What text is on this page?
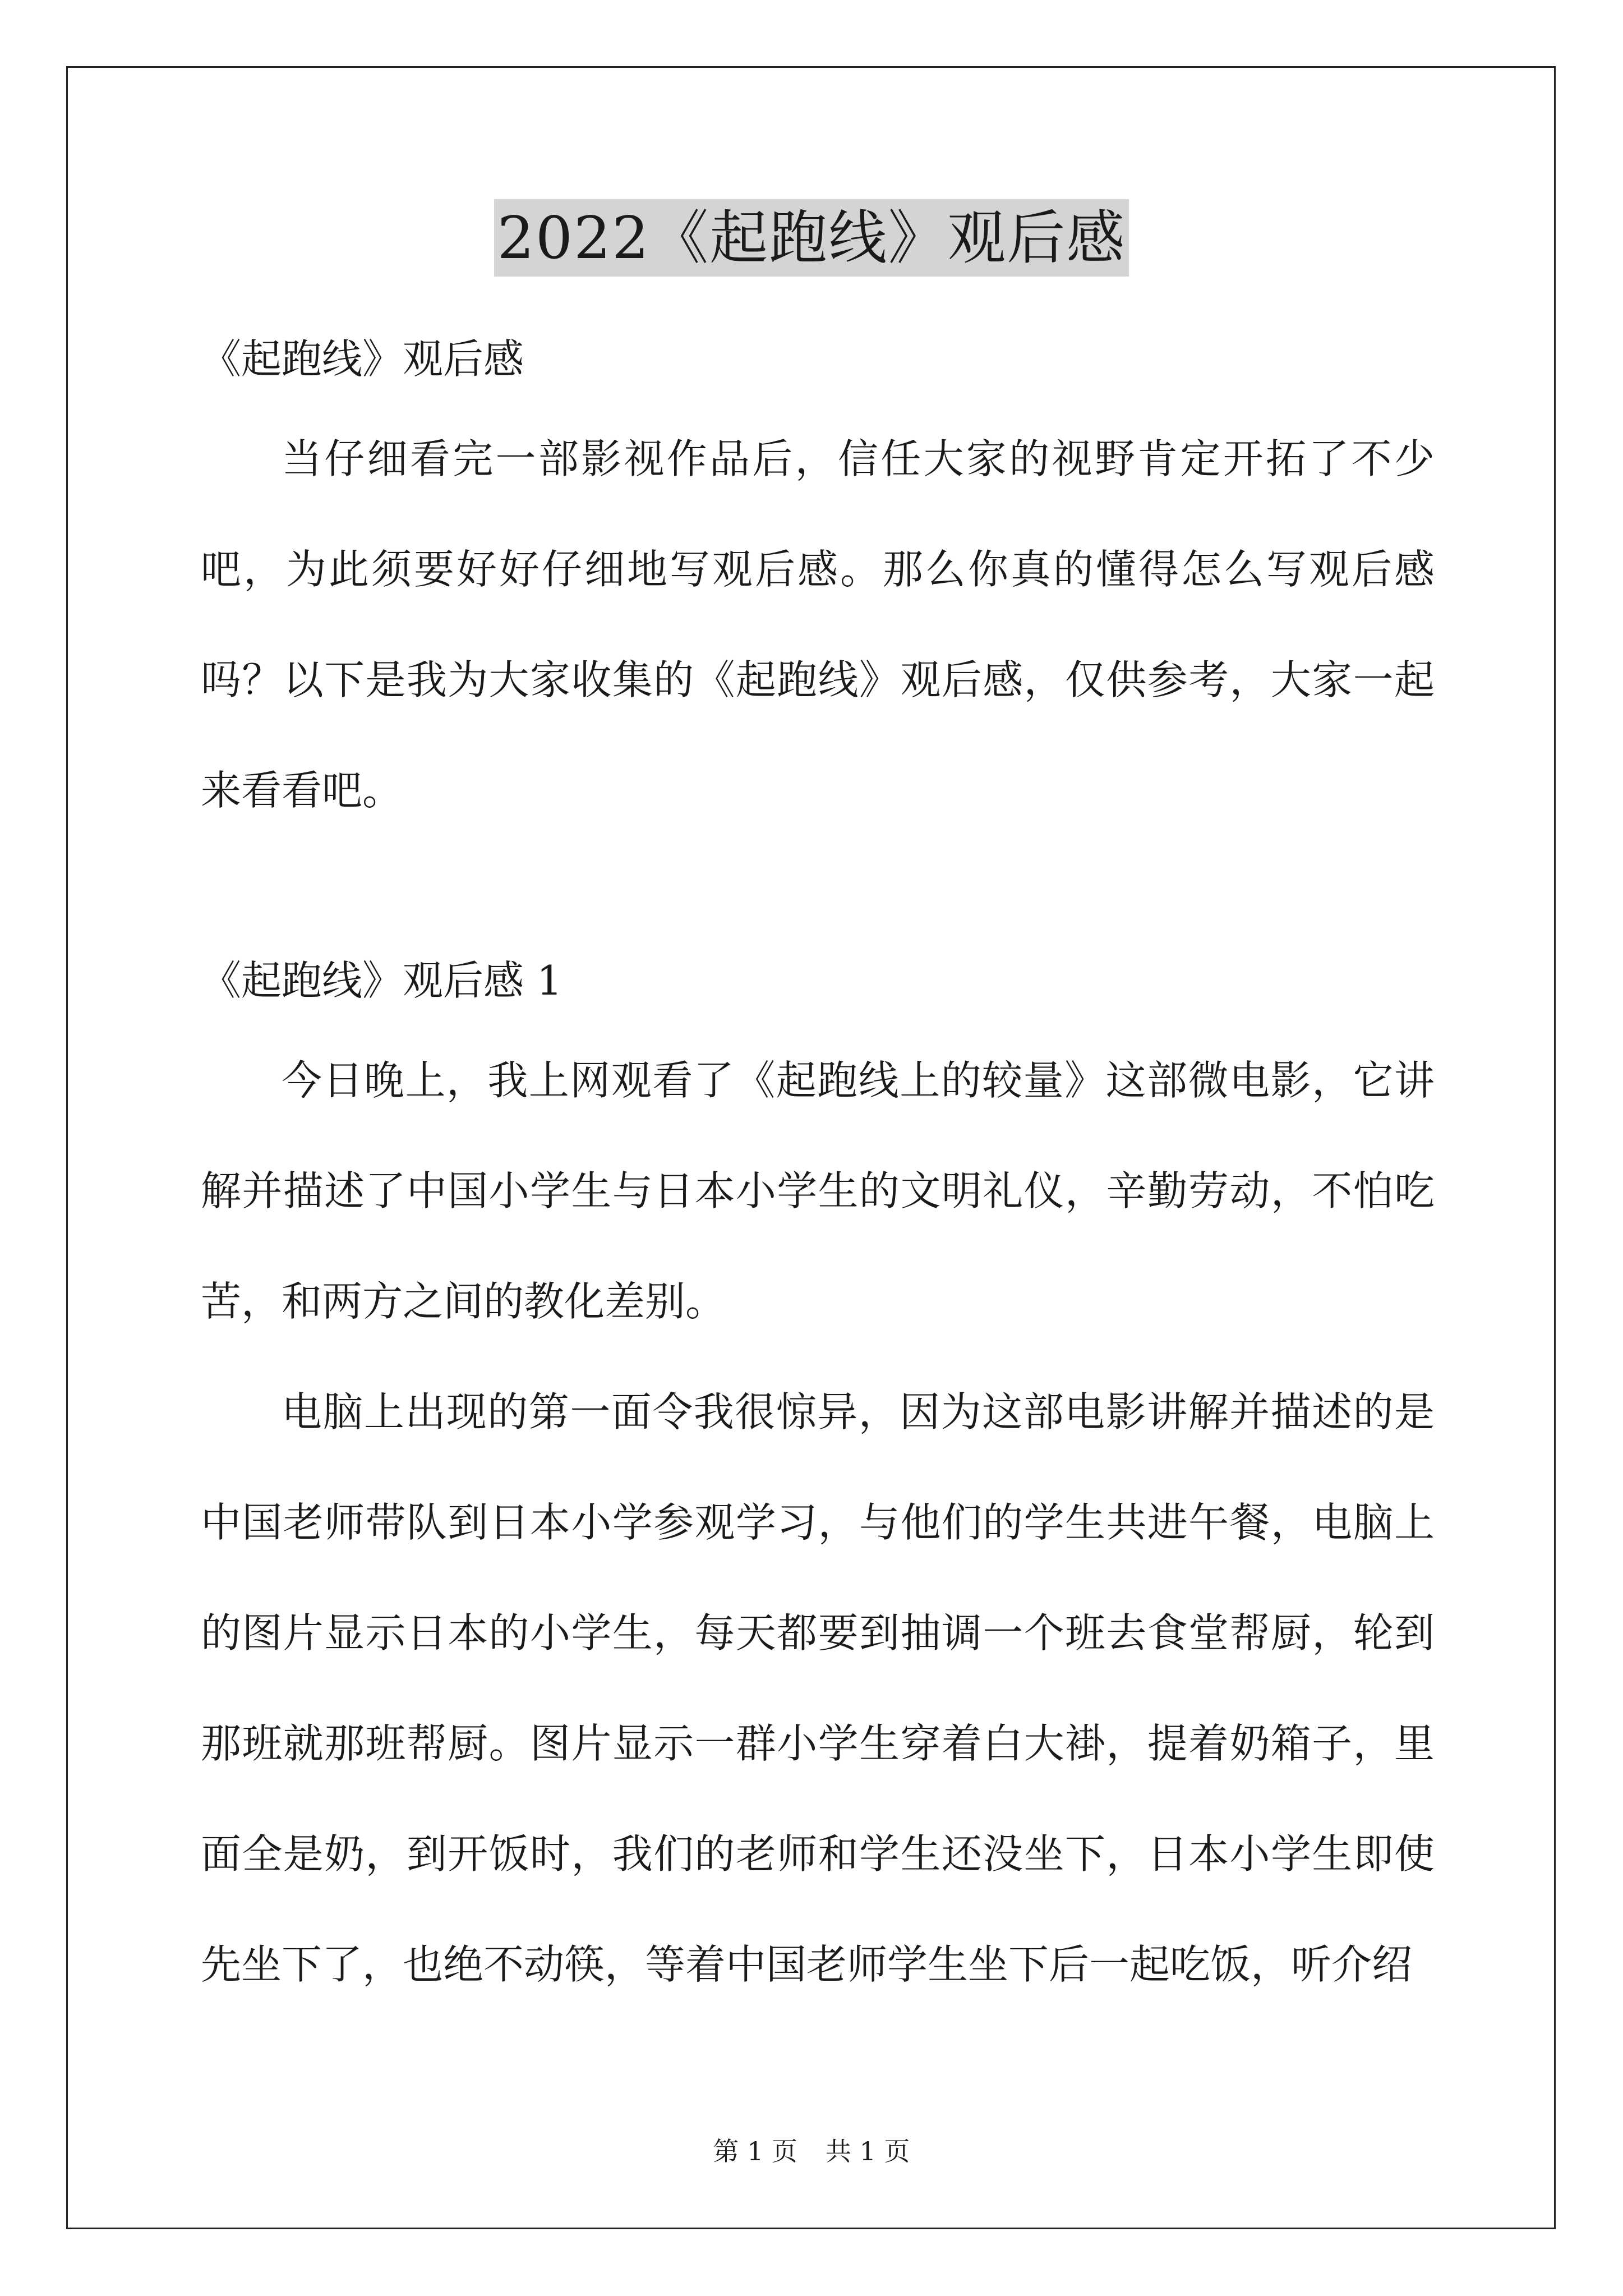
2022《起跑线》观后感

《起跑线》观后感

当仔细看完一部影视作品后，信任大家的视野肯定开拓了不少吧，为此须要好好仔细地写观后感。那么你真的懂得怎么写观后感吗？以下是我为大家收集的《起跑线》观后感，仅供参考，大家一起来看看吧。

《起跑线》观后感 1

今日晚上，我上网观看了《起跑线上的较量》这部微电影，它讲解并描述了中国小学生与日本小学生的文明礼仪，辛勤劳动，不怕吃苦，和两方之间的教化差别。

电脑上出现的第一面令我很惊异，因为这部电影讲解并描述的是中国老师带队到日本小学参观学习，与他们的学生共进午餐，电脑上的图片显示日本的小学生，每天都要到抽调一个班去食堂帮厨，轮到那班就那班帮厨。图片显示一群小学生穿着白大褂，提着奶箱子，里面全是奶，到开饭时，我们的老师和学生还没坐下，日本小学生即使先坐下了，也绝不动筷，等着中国老师学生坐下后一起吃饭，听介绍

第 1 页 共 1 页
